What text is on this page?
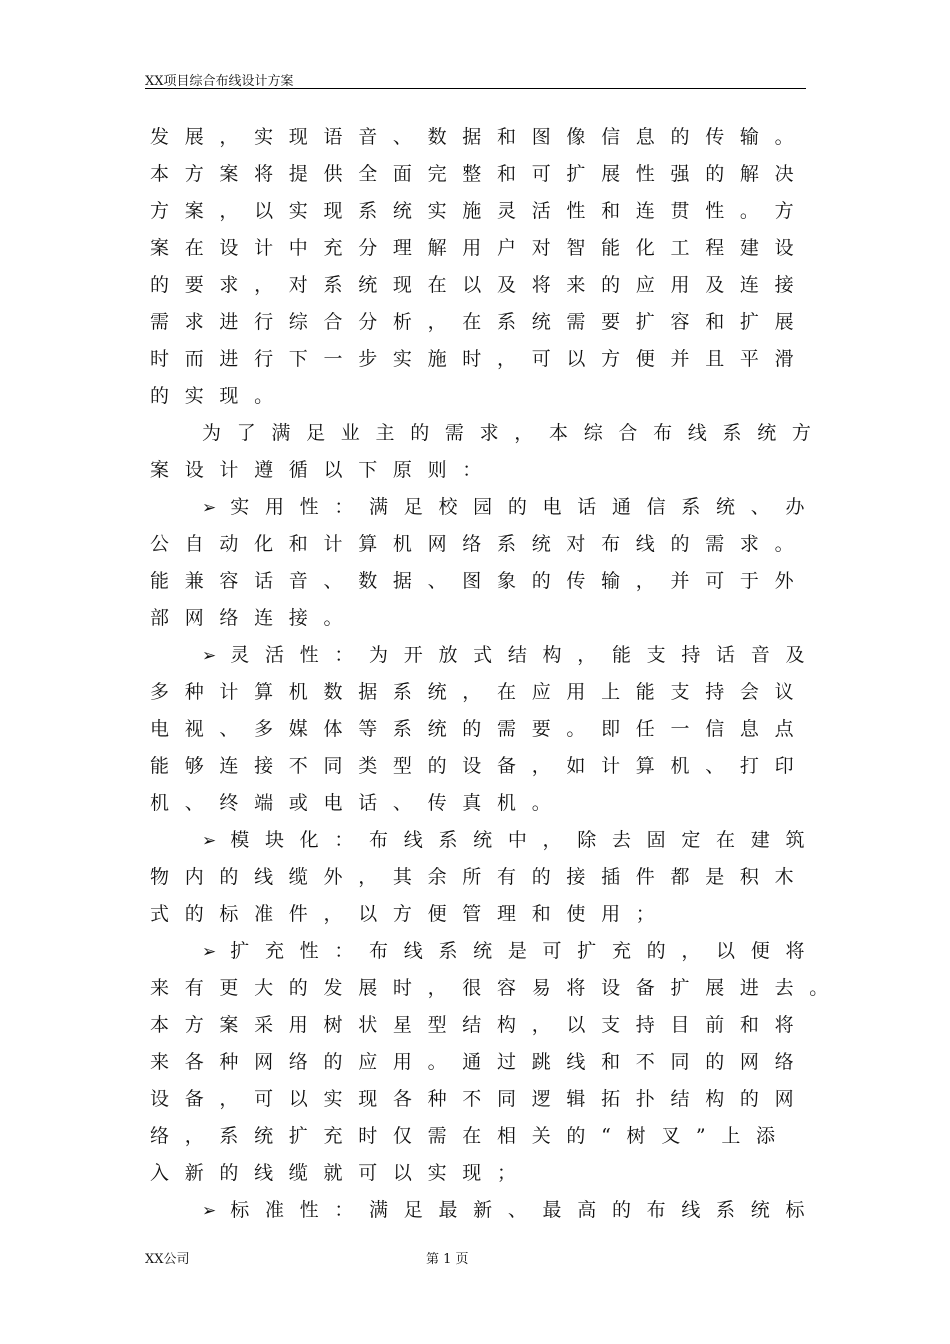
XX项目综合布线设计方案
发展，实现语音、数据和图像信息的传输。
本方案将提供全面完整和可扩展性强的解决
方案，以实现系统实施灵活性和连贯性。方
案在设计中充分理解用户对智能化工程建设
的要求，对系统现在以及将来的应用及连接
需求进行综合分析，在系统需要扩容和扩展
时而进行下一步实施时，可以方便并且平滑
的实现。
为了满足业主的需求，本综合布线系统方
案设计遵循以下原则：
➢ 实用性：满足校园的电话通信系统、办
公自动化和计算机网络系统对布线的需求。
能兼容话音、数据、图象的传输，并可于外
部网络连接。
➢ 灵活性：为开放式结构，能支持话音及
多种计算机数据系统，在应用上能支持会议
电视、多媒体等系统的需要。即任一信息点
能够连接不同类型的设备，如计算机、打印
机、终端或电话、传真机。
➢ 模块化：布线系统中，除去固定在建筑
物内的线缆外，其余所有的接插件都是积木
式的标准件，以方便管理和使用；
➢ 扩充性：布线系统是可扩充的，以便将
来有更大的发展时，很容易将设备扩展进去。
本方案采用树状星型结构，以支持目前和将
来各种网络的应用。通过跳线和不同的网络
设备，可以实现各种不同逻辑拓扑结构的网
络，系统扩充时仅需在相关的“树叉”上添
入新的线缆就可以实现；
➢ 标准性：满足最新、最高的布线系统标
XX公司	第 1 页
